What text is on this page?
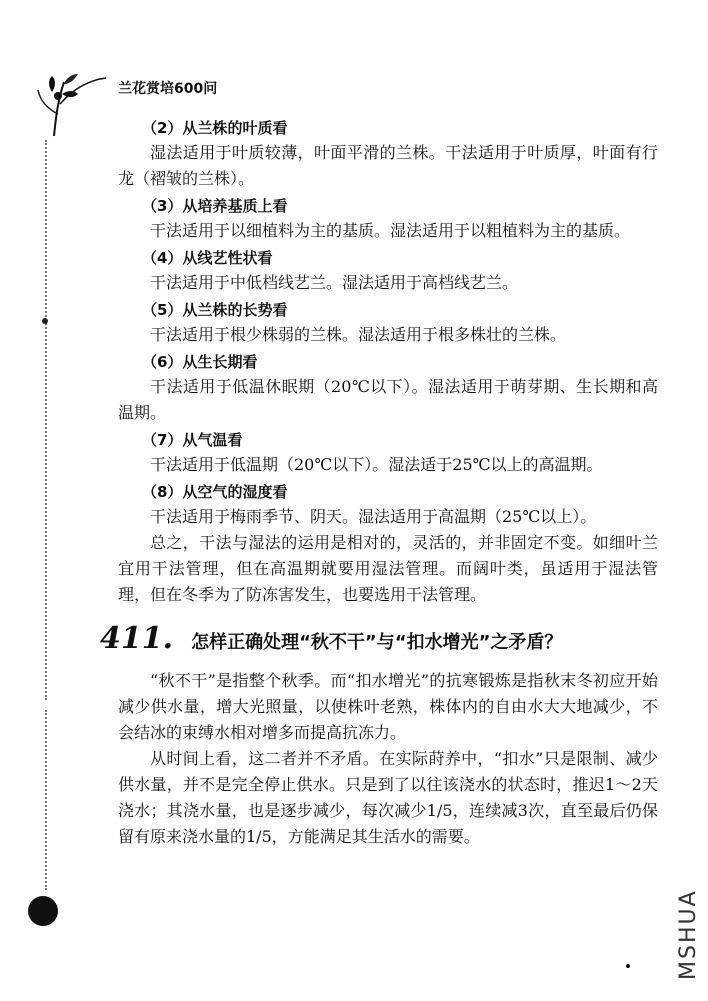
兰花赏培600问

（2）从兰株的叶质看

湿法适用于叶质较薄，叶面平滑的兰株。干法适用于叶质厚，叶面有行龙（褶皱的兰株）。

（3）从培养基质上看

干法适用于以细植料为主的基质。湿法适用于以粗植料为主的基质。

（4）从线艺性状看

干法适用于中低档线艺兰。湿法适用于高档线艺兰。

（5）从兰株的长势看

干法适用于根少株弱的兰株。湿法适用于根多株壮的兰株。

（6）从生长期看

干法适用于低温休眠期（20℃以下）。湿法适用于萌芽期、生长期和高温期。

（7）从气温看

干法适用于低温期（20℃以下）。湿法适于25℃以上的高温期。

（8）从空气的湿度看

干法适用于梅雨季节、阴天。湿法适用于高温期（25℃以上）。

总之，干法与湿法的运用是相对的，灵活的，并非固定不变。如细叶兰宜用干法管理，但在高温期就要用湿法管理。而阔叶类，虽适用于湿法管理，但在冬季为了防冻害发生，也要选用干法管理。

411. 怎样正确处理“秋不干”与“扣水增光”之矛盾？

“秋不干”是指整个秋季。而“扣水增光”的抗寒锻炼是指秋末冬初应开始减少供水量，增大光照量，以使株叶老熟，株体内的自由水大大地减少，不会结冰的束缚水相对增多而提高抗冻力。

从时间上看，这二者并不矛盾。在实际莳养中，“扣水”只是限制、减少供水量，并不是完全停止供水。只是到了以往该浇水的状态时，推迟1～2天浇水；其浇水量，也是逐步减少，每次减少1/5，连续减3次，直至最后仍保留有原来浇水量的1/5，方能满足其生活水的需要。

MSHUA
